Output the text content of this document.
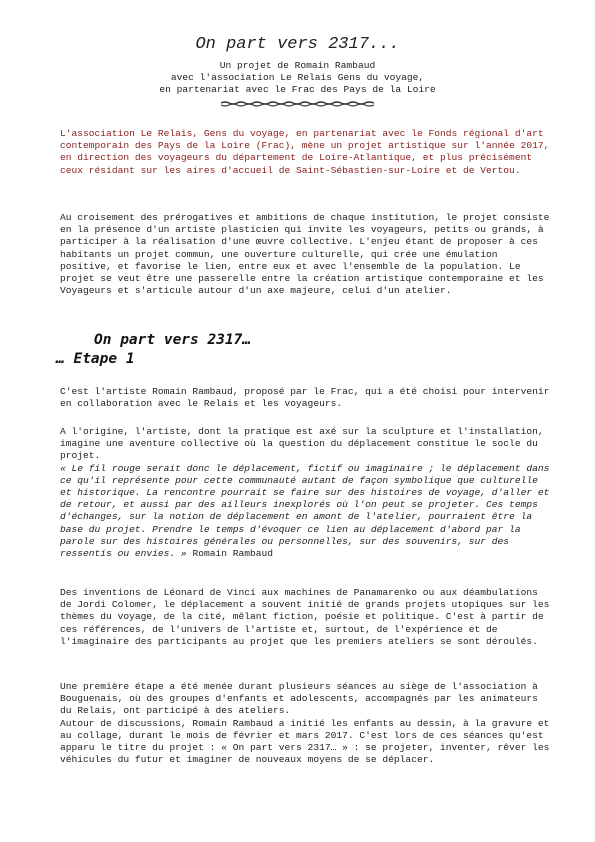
On part vers 2317...
Un projet de Romain Rambaud
avec l'association Le Relais Gens du voyage,
en partenariat avec le Frac des Pays de la Loire

L'association Le Relais, Gens du voyage, en partenariat avec le Fonds régional d'art contemporain des Pays de la Loire (Frac), mène un projet artistique sur l'année 2017, en direction des voyageurs du département de Loire-Atlantique, et plus précisément ceux résidant sur les aires d'accueil de Saint-Sébastien-sur-Loire et de Vertou.

Au croisement des prérogatives et ambitions de chaque institution, le projet consiste en la présence d'un artiste plasticien qui invite les voyageurs, petits ou grands, à participer à la réalisation d'une œuvre collective. L'enjeu étant de proposer à ces habitants un projet commun, une ouverture culturelle, qui crée une émulation positive, et favorise le lien, entre eux et avec l'ensemble de la population. Le projet se veut être une passerelle entre la création artistique contemporaine et les Voyageurs et s'articule autour d'un axe majeure, celui d'un atelier.

On part vers 2317…
… Etape 1

C'est l'artiste Romain Rambaud, proposé par le Frac, qui a été choisi pour intervenir en collaboration avec le Relais et les voyageurs.

A l'origine, l'artiste, dont la pratique est axé sur la sculpture et l'installation, imagine une aventure collective où la question du déplacement constitue le socle du projet.

« Le fil rouge serait donc le déplacement, fictif ou imaginaire ; le déplacement dans ce qu'il représente pour cette communauté autant de façon symbolique que culturelle et historique. La rencontre pourrait se faire sur des histoires de voyage, d'aller et de retour, et aussi par des ailleurs inexplorés où l'on peut se projeter. Ces temps d'échanges, sur la notion de déplacement en amont de l'atelier, pourraient être la base du projet. Prendre le temps d'évoquer ce lien au déplacement d'abord par la parole sur des histoires générales ou personnelles, sur des souvenirs, sur des ressentis ou envies. » Romain Rambaud

Des inventions de Léonard de Vinci aux machines de Panamarenko ou aux déambulations de Jordi Colomer, le déplacement a souvent initié de grands projets utopiques sur les thèmes du voyage, de la cité, mêlant fiction, poésie et politique. C'est à partir de ces références, de l'univers de l'artiste et, surtout, de l'expérience et de l'imaginaire des participants au projet que les premiers ateliers se sont déroulés.

Une première étape a été menée durant plusieurs séances au siège de l'association à Bouguenais, où des groupes d'enfants et adolescents, accompagnés par les animateurs du Relais, ont participé à des ateliers.

Autour de discussions, Romain Rambaud a initié les enfants au dessin, à la gravure et au collage, durant le mois de février et mars 2017. C'est lors de ces séances qu'est apparu le titre du projet : « On part vers 2317… » : se projeter, inventer, rêver les véhicules du futur et imaginer de nouveaux moyens de se déplacer.
